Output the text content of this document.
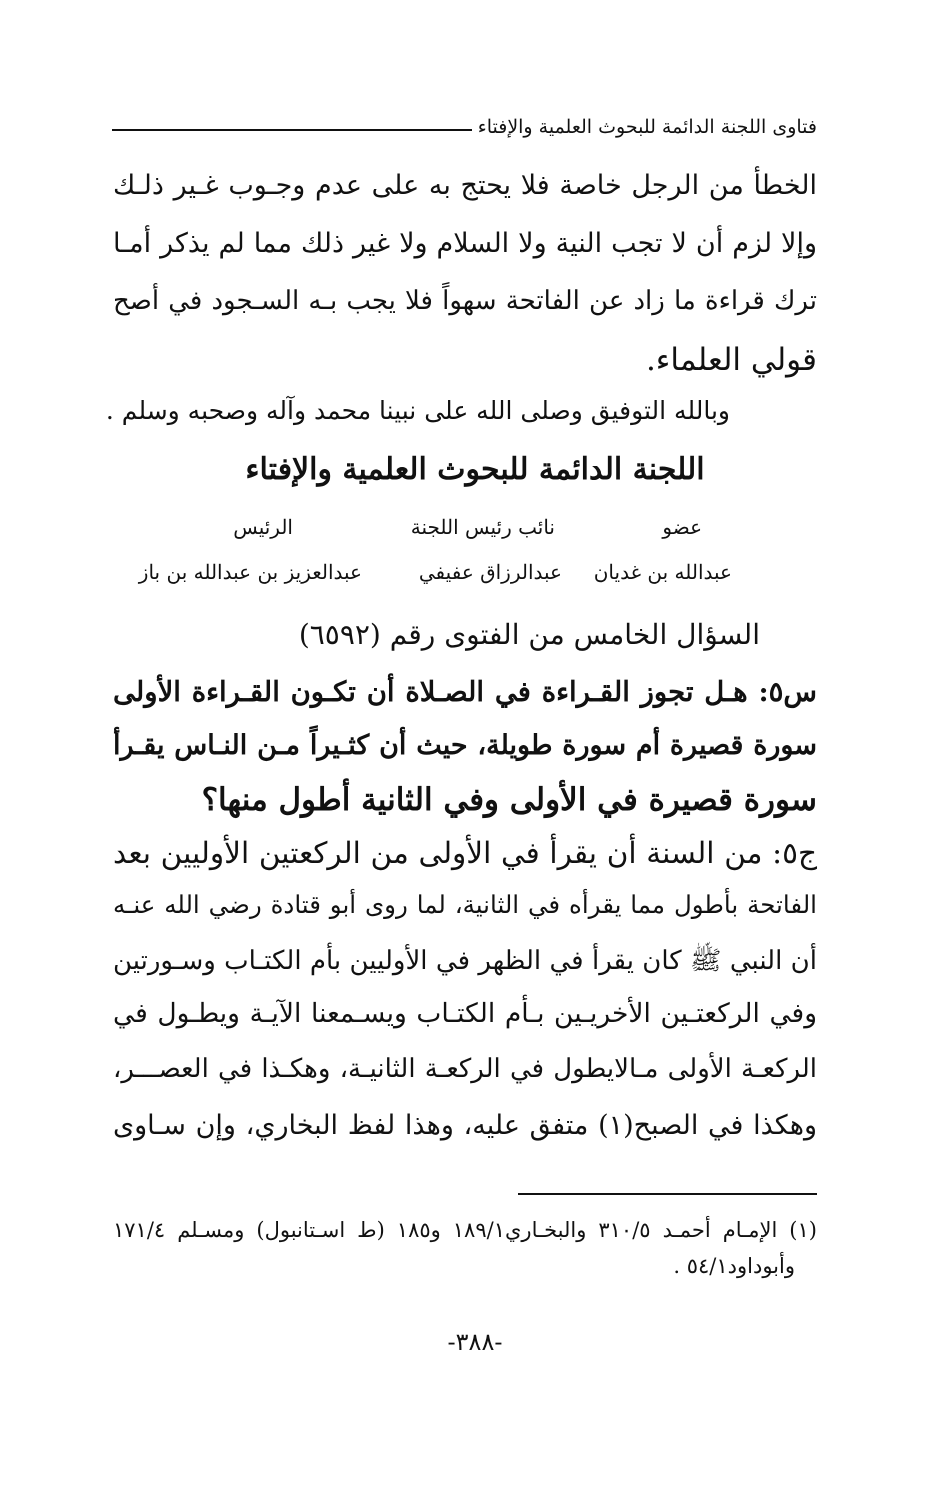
فتاوى اللجنة الدائمة للبحوث العلمية والإفتاء
الخطأ من الرجل خاصة فلا يحتج به على عدم وجـوب غـير ذلـك
وإلا لزم أن لا تجب النية ولا السلام ولا غير ذلك مما لم يذكر أمـا
ترك قراءة ما زاد عن الفاتحة سهواً فلا يجب بـه السـجود في أصح
قولي العلماء.
وبالله التوفيق وصلى الله على نبينا محمد وآله وصحبه وسلم .
اللجنة الدائمة للبحوث العلمية والإفتاء
عضو
نائب رئيس اللجنة
الرئيس
عبدالله بن غديان
عبدالرزاق عفيفي
عبدالعزيز بن عبدالله بن باز
السؤال الخامس من الفتوى رقم (٦٥٩٢)
س٥: هـل تجوز القـراءة في الصـلاة أن تكـون القـراءة الأولى
سورة قصيرة أم سورة طويلة، حيث أن كثـيراً مـن النـاس يقـرأ
سورة قصيرة في الأولى وفي الثانية أطول منها؟
ج٥: من السنة أن يقرأ في الأولى من الركعتين الأوليين بعد
الفاتحة بأطول مما يقرأه في الثانية، لما روى أبو قتادة رضي الله عنـه
أن النبي ﷺ كان يقرأ في الظهر في الأوليين بأم الكتـاب وسـورتين
وفي الركعتـين الأخريـين بـأم الكتـاب ويسـمعنا الآيـة ويطـول في
الركعـة الأولى مـالايطول في الركعـة الثانيـة، وهكـذا في العصـــر،
وهكذا في الصبح(١) متفق عليه، وهذا لفظ البخاري، وإن سـاوى
(١) الإمـام أحمـد ٣١٠/٥ والبخـاري١٨٩/١ و١٨٥ (ط اسـتانبول) ومسـلم ١٧١/٤
وأبوداود٥٤/١ .
-٣٨٨-
